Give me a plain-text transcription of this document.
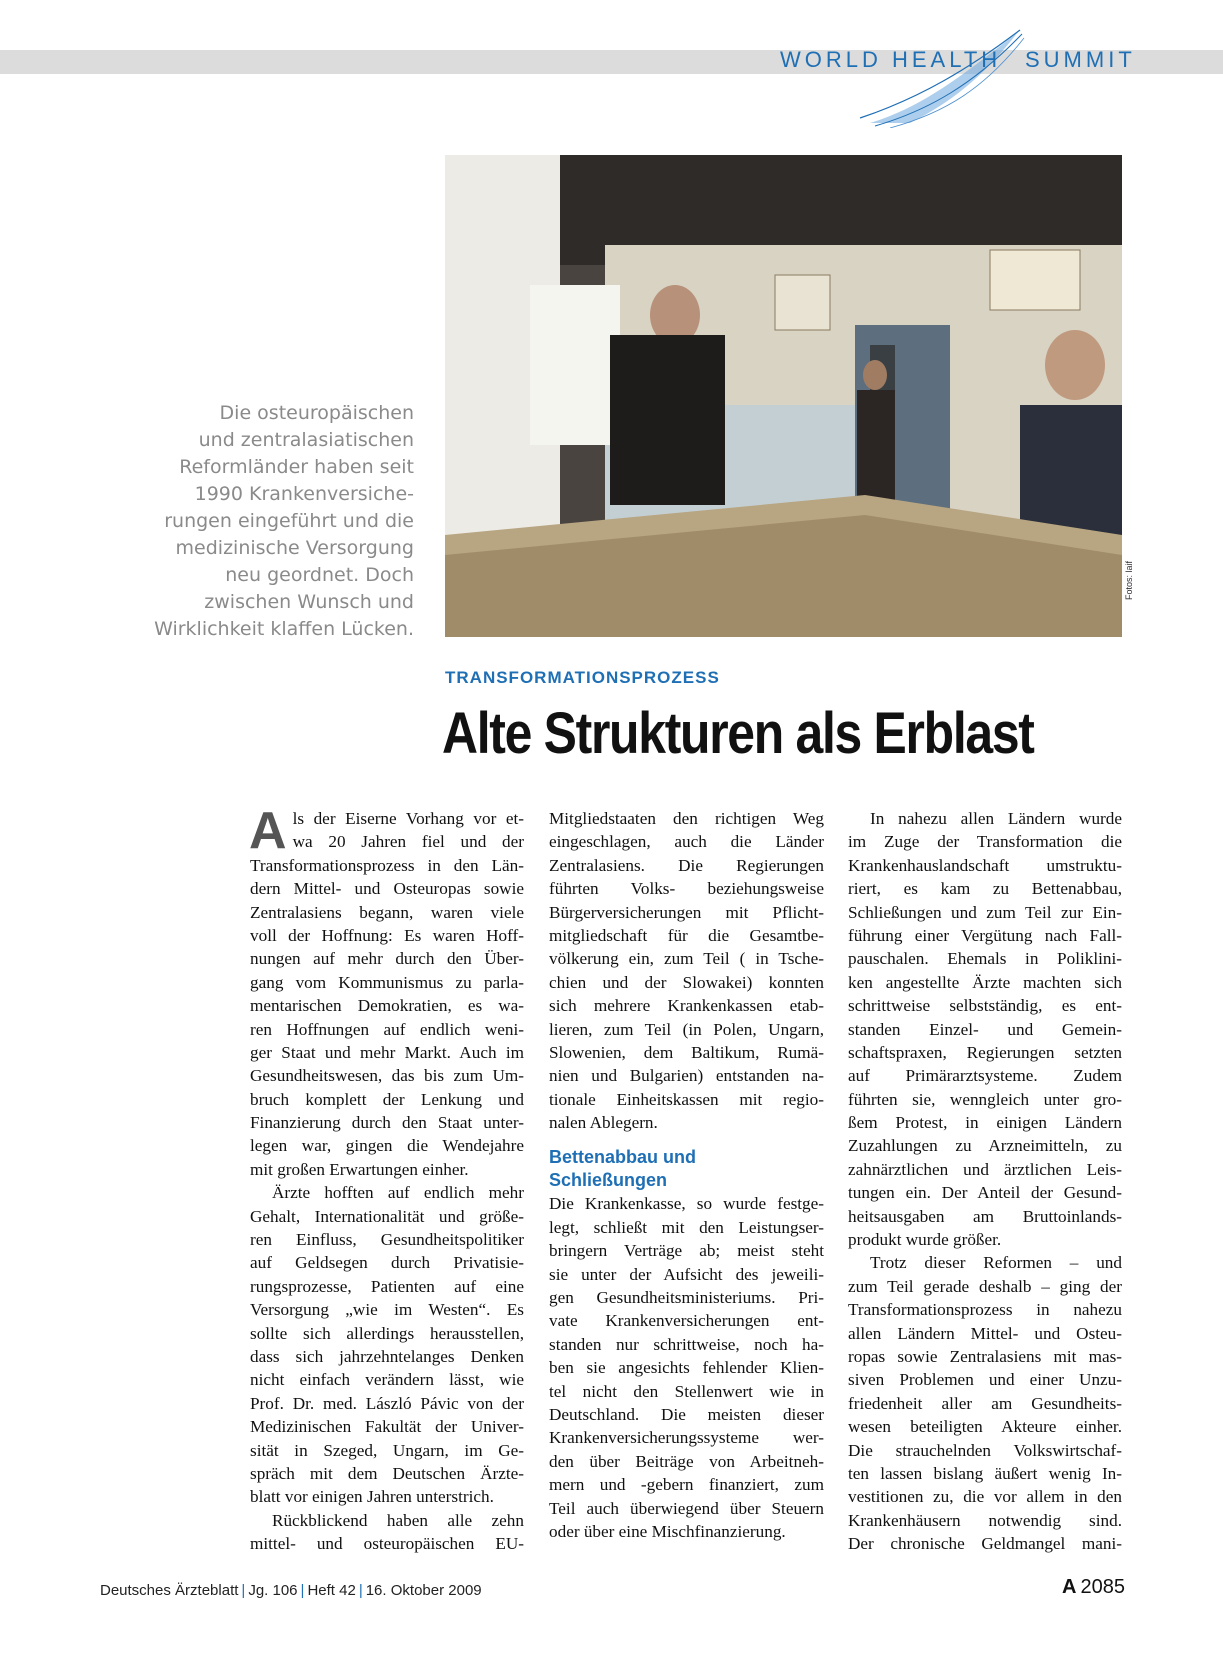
WORLD HEALTH SUMMIT
Fotos: laif
Die osteuropäischen
und zentralasiatischen
Reformländer haben seit
1990 Krankenversiche-
rungen eingeführt und die
medizinische Versorgung
neu geordnet. Doch
zwischen Wunsch und
Wirklichkeit klaffen Lücken.
TRANSFORMATIONSPROZESS
Alte Strukturen als Erblast
A ls der Eiserne Vorhang vor et-
wa 20 Jahren fiel und der
Transformationsprozess in den Län-
dern Mittel- und Osteuropas sowie
Zentralasiens begann, waren viele
voll der Hoffnung: Es waren Hoff-
nungen auf mehr durch den Über-
gang vom Kommunismus zu parla-
mentarischen Demokratien, es wa-
ren Hoffnungen auf endlich weni-
ger Staat und mehr Markt. Auch im
Gesundheitswesen, das bis zum Um-
bruch komplett der Lenkung und
Finanzierung durch den Staat unter-
legen war, gingen die Wendejahre
mit großen Erwartungen einher.
Ärzte hofften auf endlich mehr
Gehalt, Internationalität und größe-
ren Einfluss, Gesundheitspolitiker
auf Geldsegen durch Privatisie-
rungsprozesse, Patienten auf eine
Versorgung „wie im Westen“. Es
sollte sich allerdings herausstellen,
dass sich jahrzehntelanges Denken
nicht einfach verändern lässt, wie
Prof. Dr. med. László Pávic von der
Medizinischen Fakultät der Univer-
sität in Szeged, Ungarn, im Ge-
spräch mit dem Deutschen Ärzte-
blatt vor einigen Jahren unterstrich.
Rückblickend haben alle zehn
mittel- und osteuropäischen EU-
Mitgliedstaaten den richtigen Weg
eingeschlagen, auch die Länder
Zentralasiens. Die Regierungen
führten Volks- beziehungsweise
Bürgerversicherungen mit Pflicht-
mitgliedschaft für die Gesamtbe-
völkerung ein, zum Teil ( in Tsche-
chien und der Slowakei) konnten
sich mehrere Krankenkassen etab-
lieren, zum Teil (in Polen, Ungarn,
Slowenien, dem Baltikum, Rumä-
nien und Bulgarien) entstanden na-
tionale Einheitskassen mit regio-
nalen Ablegern.
Bettenabbau und
Schließungen
Die Krankenkasse, so wurde festge-
legt, schließt mit den Leistungser-
bringern Verträge ab; meist steht
sie unter der Aufsicht des jeweili-
gen Gesundheitsministeriums. Pri-
vate Krankenversicherungen ent-
standen nur schrittweise, noch ha-
ben sie angesichts fehlender Klien-
tel nicht den Stellenwert wie in
Deutschland. Die meisten dieser
Krankenversicherungssysteme wer-
den über Beiträge von Arbeitneh-
mern und -gebern finanziert, zum
Teil auch überwiegend über Steuern
oder über eine Mischfinanzierung.
In nahezu allen Ländern wurde
im Zuge der Transformation die
Krankenhauslandschaft umstruktu-
riert, es kam zu Bettenabbau,
Schließungen und zum Teil zur Ein-
führung einer Vergütung nach Fall-
pauschalen. Ehemals in Poliklini-
ken angestellte Ärzte machten sich
schrittweise selbstständig, es ent-
standen Einzel- und Gemein-
schaftspraxen, Regierungen setzten
auf Primärarztsysteme. Zudem
führten sie, wenngleich unter gro-
ßem Protest, in einigen Ländern
Zuzahlungen zu Arzneimitteln, zu
zahnärztlichen und ärztlichen Leis-
tungen ein. Der Anteil der Gesund-
heitsausgaben am Bruttoinlands-
produkt wurde größer.
Trotz dieser Reformen – und
zum Teil gerade deshalb – ging der
Transformationsprozess in nahezu
allen Ländern Mittel- und Osteu-
ropas sowie Zentralasiens mit mas-
siven Problemen und einer Unzu-
friedenheit aller am Gesundheits-
wesen beteiligten Akteure einher.
Die strauchelnden Volkswirtschaf-
ten lassen bislang äußert wenig In-
vestitionen zu, die vor allem in den
Krankenhäusern notwendig sind.
Der chronische Geldmangel mani-
Deutsches Ärzteblatt | Jg. 106 | Heft 42 | 16. Oktober 2009	A 2085
